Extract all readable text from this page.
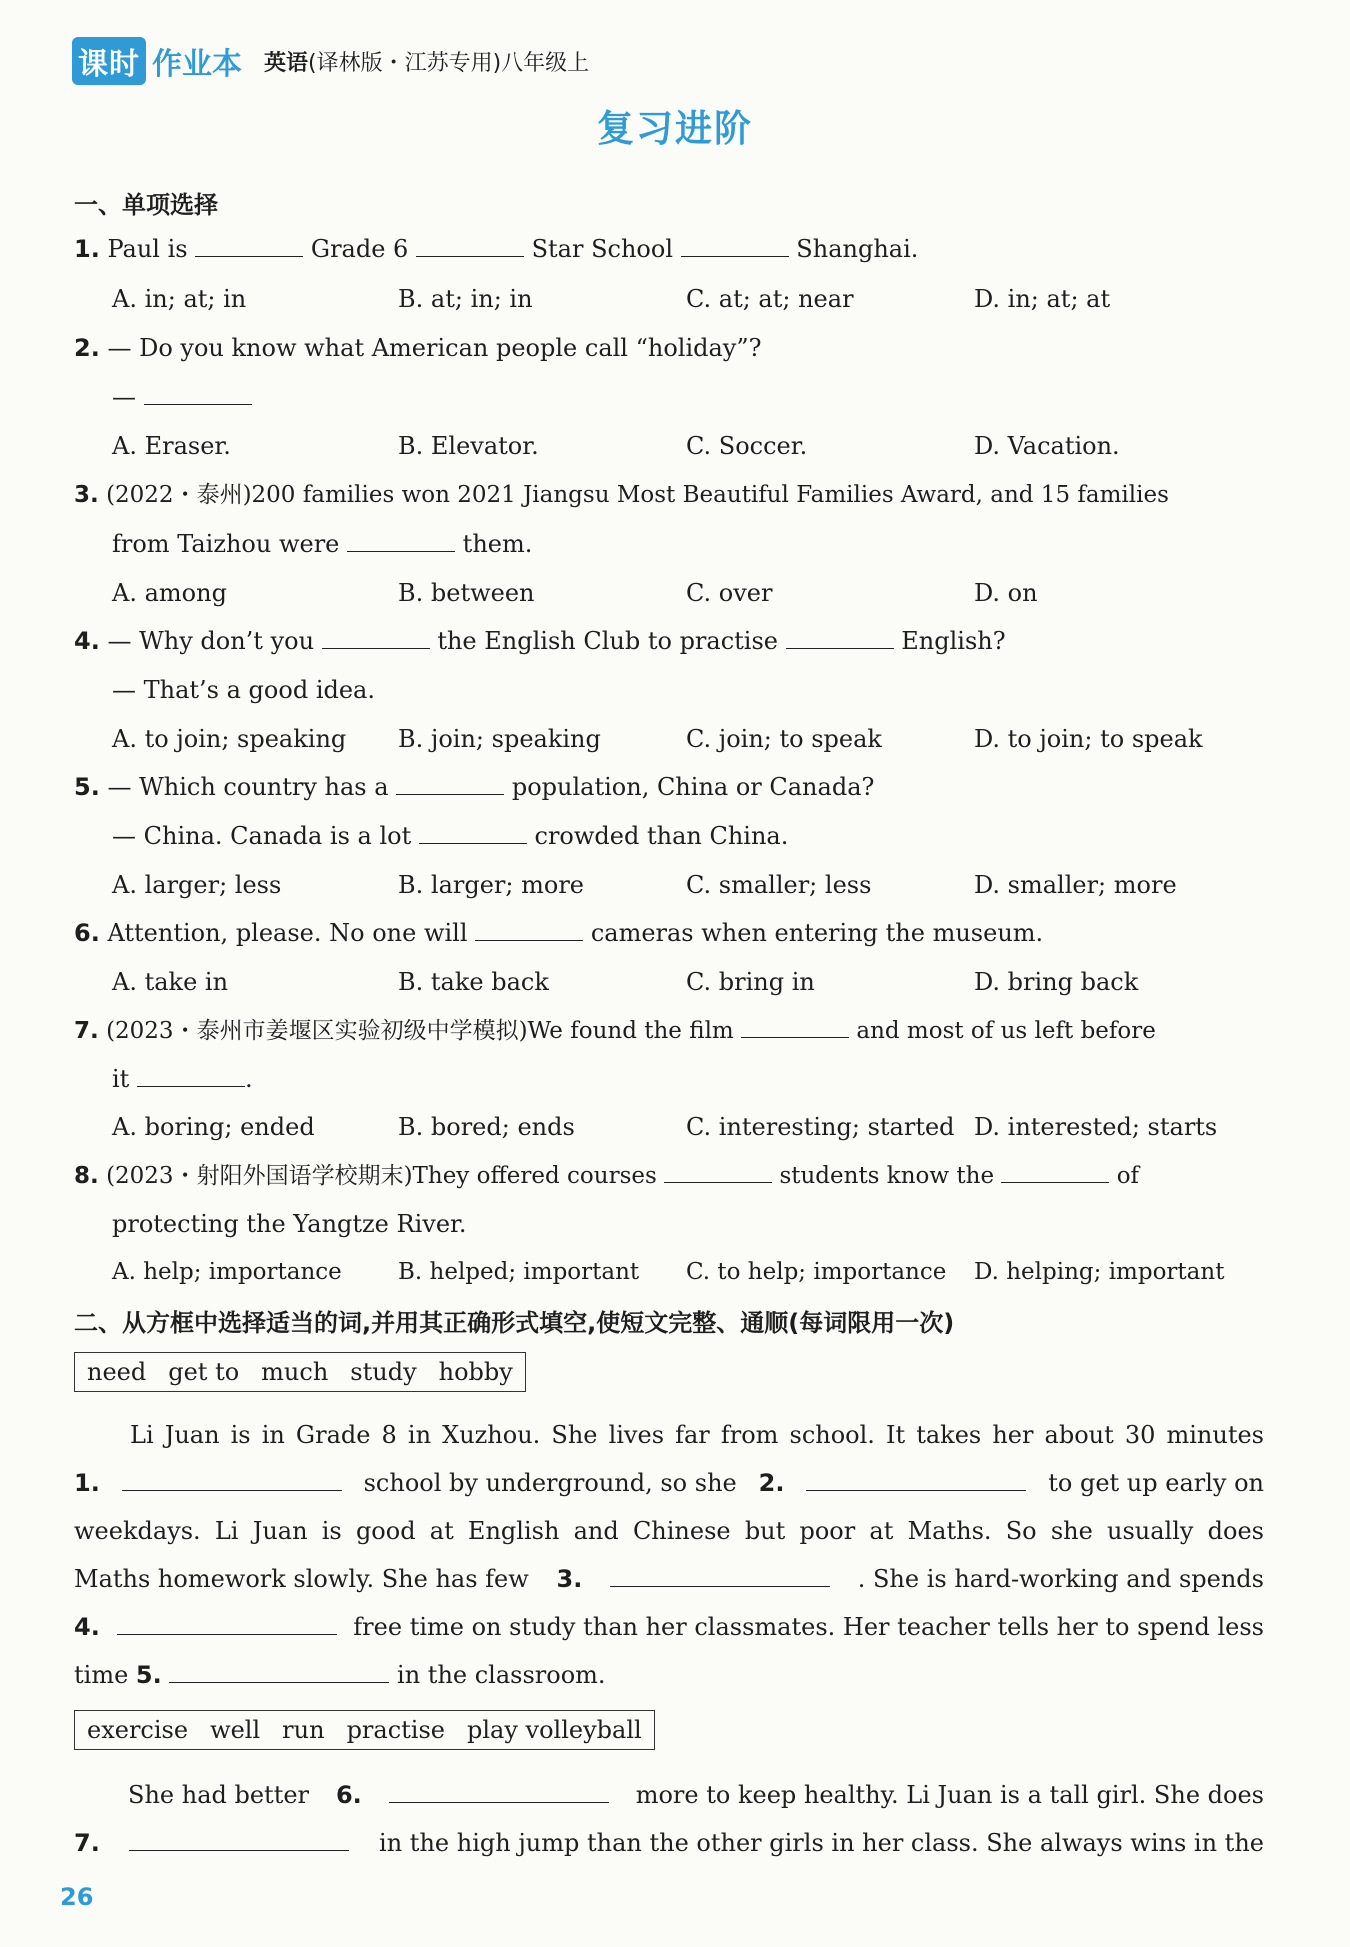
课时 作业本 英语(译林版・江苏专用)八年级上
复习进阶
一、单项选择
1. Paul is	Grade 6	Star School	Shanghai.
A. in; at; in	B. at; in; in	C. at; at; near	D. in; at; at
2. — Do you know what American people call “holiday”?
—
A. Eraser.	B. Elevator.	C. Soccer.	D. Vacation.
3. (2022・泰州)200 families won 2021 Jiangsu Most Beautiful Families Award, and 15 families
from Taizhou were	them.
A. among	B. between	C. over	D. on
4. — Why don’t you	the English Club to practise	English?
— That’s a good idea.
A. to join; speaking B. join; speaking	C. join; to speak	D. to join; to speak
5. — Which country has a	population, China or Canada?
— China. Canada is a lot	crowded than China.
A. larger; less	B. larger; more	C. smaller; less	D. smaller; more
6. Attention, please. No one will	cameras when entering the museum.
A. take in	B. take back	C. bring in	D. bring back
7. (2023・泰州市姜堰区实验初级中学模拟)We found the film	and most of us left before
it	.
A. boring; ended	B. bored; ends	C. interesting; started D. interested; starts
8. (2023・射阳外国语学校期末)They offered courses	students know the	of
protecting the Yangtze River.
A. help; importance B. helped; important C. to help; importance D. helping; important
二、从方框中选择适当的词,并用其正确形式填空,使短文完整、通顺(每词限用一次)
need get to much study hobby
Li Juan is in Grade 8 in Xuzhou. She lives far from school. It takes her about 30 minutes
1.	school by underground, so she 2.	to get up early on
weekdays. Li Juan is good at English and Chinese but poor at Maths. So she usually does
Maths homework slowly. She has few 3.	. She is hard-working and spends
4.	free time on study than her classmates. Her teacher tells her to spend less
time 5.	in the classroom.
exercise well run practise play volleyball
She had better 6.	more to keep healthy. Li Juan is a tall girl. She does
7.	in the high jump than the other girls in her class. She always wins in the
26
